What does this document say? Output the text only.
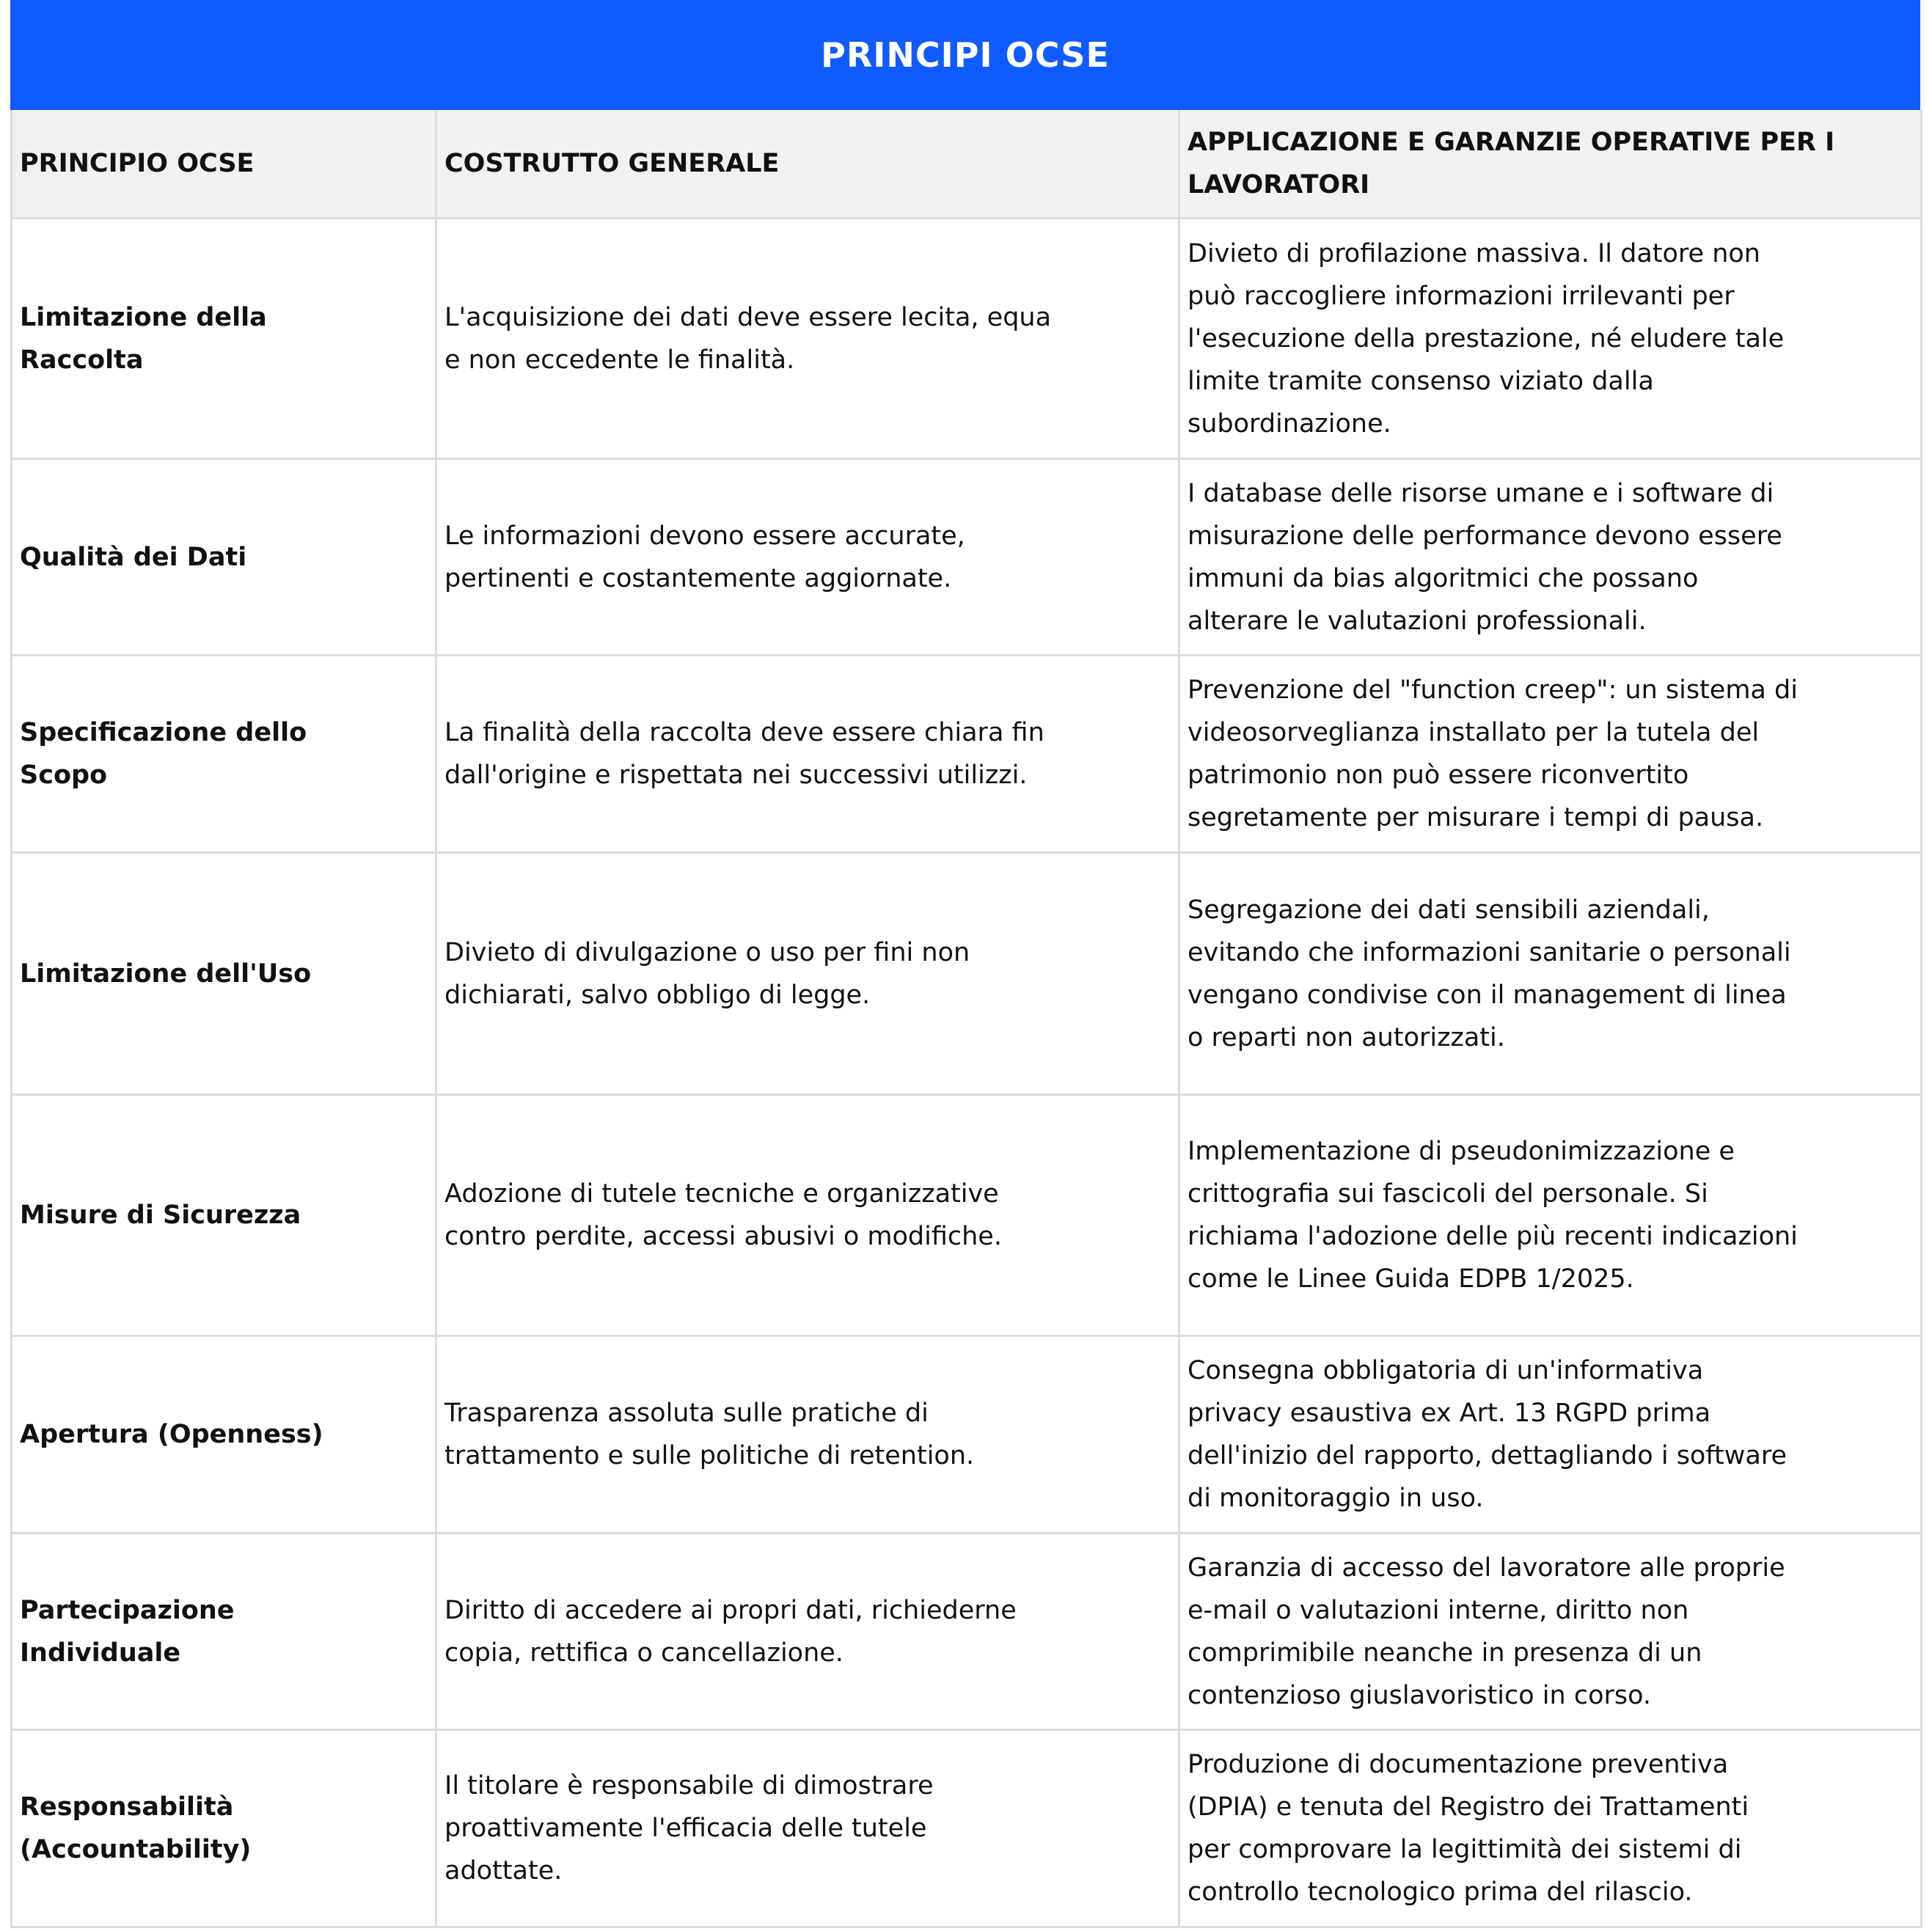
PRINCIPI OCSE
PRINCIPIO OCSE	COSTRUTTO GENERALE
APPLICAZIONE E GARANZIE OPERATIVE PER I
LAVORATORI
Limitazione della
Raccolta
L'acquisizione dei dati deve essere lecita, equa
e non eccedente le finalità.
Divieto di profilazione massiva. Il datore non
può raccogliere informazioni irrilevanti per
l'esecuzione della prestazione, né eludere tale
limite tramite consenso viziato dalla
subordinazione.
Qualità dei Dati
Le informazioni devono essere accurate,
pertinenti e costantemente aggiornate.
I database delle risorse umane e i software di
misurazione delle performance devono essere
immuni da bias algoritmici che possano
alterare le valutazioni professionali.
Specificazione dello
Scopo
La finalità della raccolta deve essere chiara fin
dall'origine e rispettata nei successivi utilizzi.
Prevenzione del "function creep": un sistema di
videosorveglianza installato per la tutela del
patrimonio non può essere riconvertito
segretamente per misurare i tempi di pausa.
Limitazione dell'Uso
Divieto di divulgazione o uso per fini non
dichiarati, salvo obbligo di legge.
Segregazione dei dati sensibili aziendali,
evitando che informazioni sanitarie o personali
vengano condivise con il management di linea
o reparti non autorizzati.
Misure di Sicurezza
Adozione di tutele tecniche e organizzative
contro perdite, accessi abusivi o modifiche.
Implementazione di pseudonimizzazione e
crittografia sui fascicoli del personale. Si
richiama l'adozione delle più recenti indicazioni
come le Linee Guida EDPB 1/2025.
Apertura (Openness)
Trasparenza assoluta sulle pratiche di
trattamento e sulle politiche di retention.
Consegna obbligatoria di un'informativa
privacy esaustiva ex Art. 13 RGPD prima
dell'inizio del rapporto, dettagliando i software
di monitoraggio in uso.
Partecipazione
Individuale
Diritto di accedere ai propri dati, richiederne
copia, rettifica o cancellazione.
Garanzia di accesso del lavoratore alle proprie
e-mail o valutazioni interne, diritto non
comprimibile neanche in presenza di un
contenzioso giuslavoristico in corso.
Responsabilità
(Accountability)
Il titolare è responsabile di dimostrare
proattivamente l'efficacia delle tutele
adottate.
Produzione di documentazione preventiva
(DPIA) e tenuta del Registro dei Trattamenti
per comprovare la legittimità dei sistemi di
controllo tecnologico prima del rilascio.
